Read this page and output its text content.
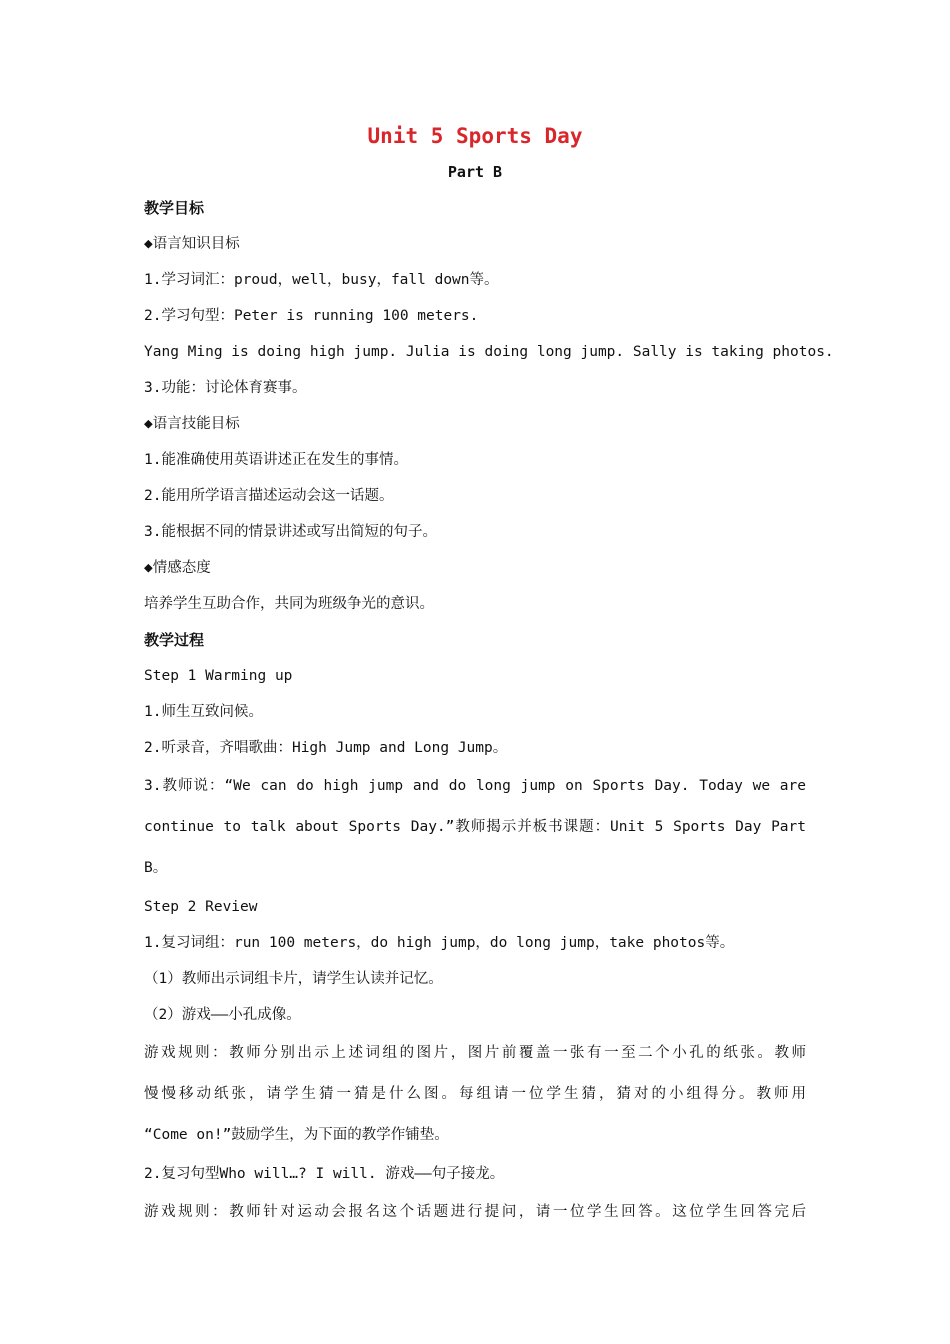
Unit 5 Sports Day

Part B

教学目标

◆语言知识目标

1.学习词汇：proud，well，busy，fall down等。

2.学习句型：Peter is running 100 meters.

Yang Ming is doing high jump. Julia is doing long jump. Sally is taking photos.

3.功能：讨论体育赛事。

◆语言技能目标

1.能准确使用英语讲述正在发生的事情。

2.能用所学语言描述运动会这一话题。

3.能根据不同的情景讲述或写出简短的句子。

◆情感态度

培养学生互助合作，共同为班级争光的意识。

教学过程

Step 1 Warming up

1.师生互致问候。

2.听录音，齐唱歌曲：High Jump and Long Jump。

3.教师说：“We can do high jump and do long jump on Sports Day. Today we are
continue to talk about Sports Day.”教师揭示并板书课题：Unit 5 Sports Day Part
B。

Step 2 Review

1.复习词组：run 100 meters，do high jump，do long jump，take photos等。

（1）教师出示词组卡片，请学生认读并记忆。

（2）游戏——小孔成像。

游戏规则：教师分别出示上述词组的图片，图片前覆盖一张有一至二个小孔的纸张。教师
慢慢移动纸张，请学生猜一猜是什么图。每组请一位学生猜，猜对的小组得分。教师用
“Come on!”鼓励学生，为下面的教学作铺垫。

2.复习句型Who will…? I will. 游戏——句子接龙。

游戏规则：教师针对运动会报名这个话题进行提问，请一位学生回答。这位学生回答完后
